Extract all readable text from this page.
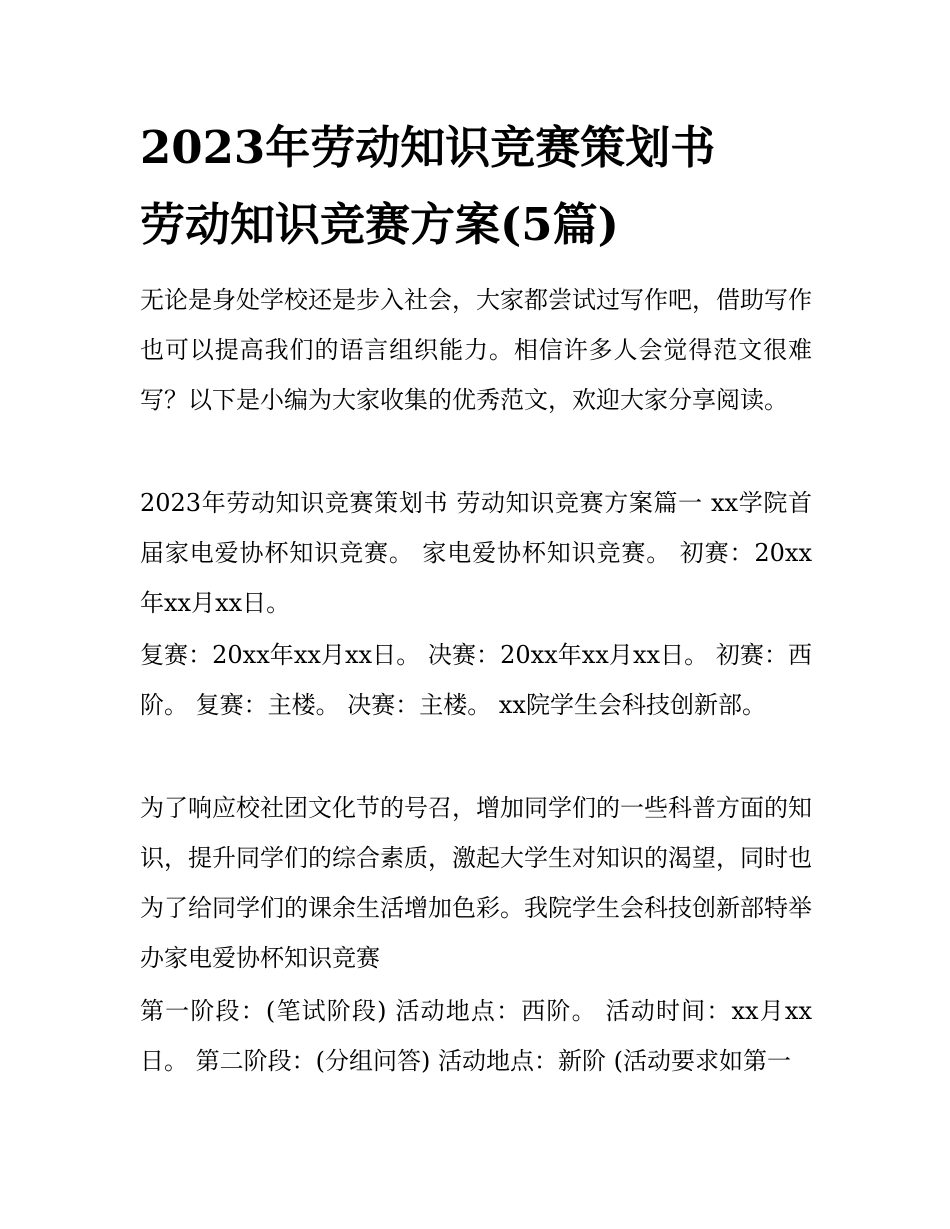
2023年劳动知识竞赛策划书
劳动知识竞赛方案(5篇)

无论是身处学校还是步入社会，大家都尝试过写作吧，借助写作也可以提高我们的语言组织能力。相信许多人会觉得范文很难写？以下是小编为大家收集的优秀范文，欢迎大家分享阅读。

2023年劳动知识竞赛策划书 劳动知识竞赛方案篇一 xx学院首届家电爱协杯知识竞赛。 家电爱协杯知识竞赛。 初赛：20xx年xx月xx日。

复赛：20xx年xx月xx日。 决赛：20xx年xx月xx日。 初赛：西阶。 复赛：主楼。 决赛：主楼。 xx院学生会科技创新部。

为了响应校社团文化节的号召，增加同学们的一些科普方面的知识，提升同学们的综合素质，激起大学生对知识的渴望，同时也为了给同学们的课余生活增加色彩。我院学生会科技创新部特举办家电爱协杯知识竞赛

第一阶段：(笔试阶段) 活动地点：西阶。 活动时间：xx月xx日。 第二阶段：(分组问答) 活动地点：新阶 (活动要求如第一
